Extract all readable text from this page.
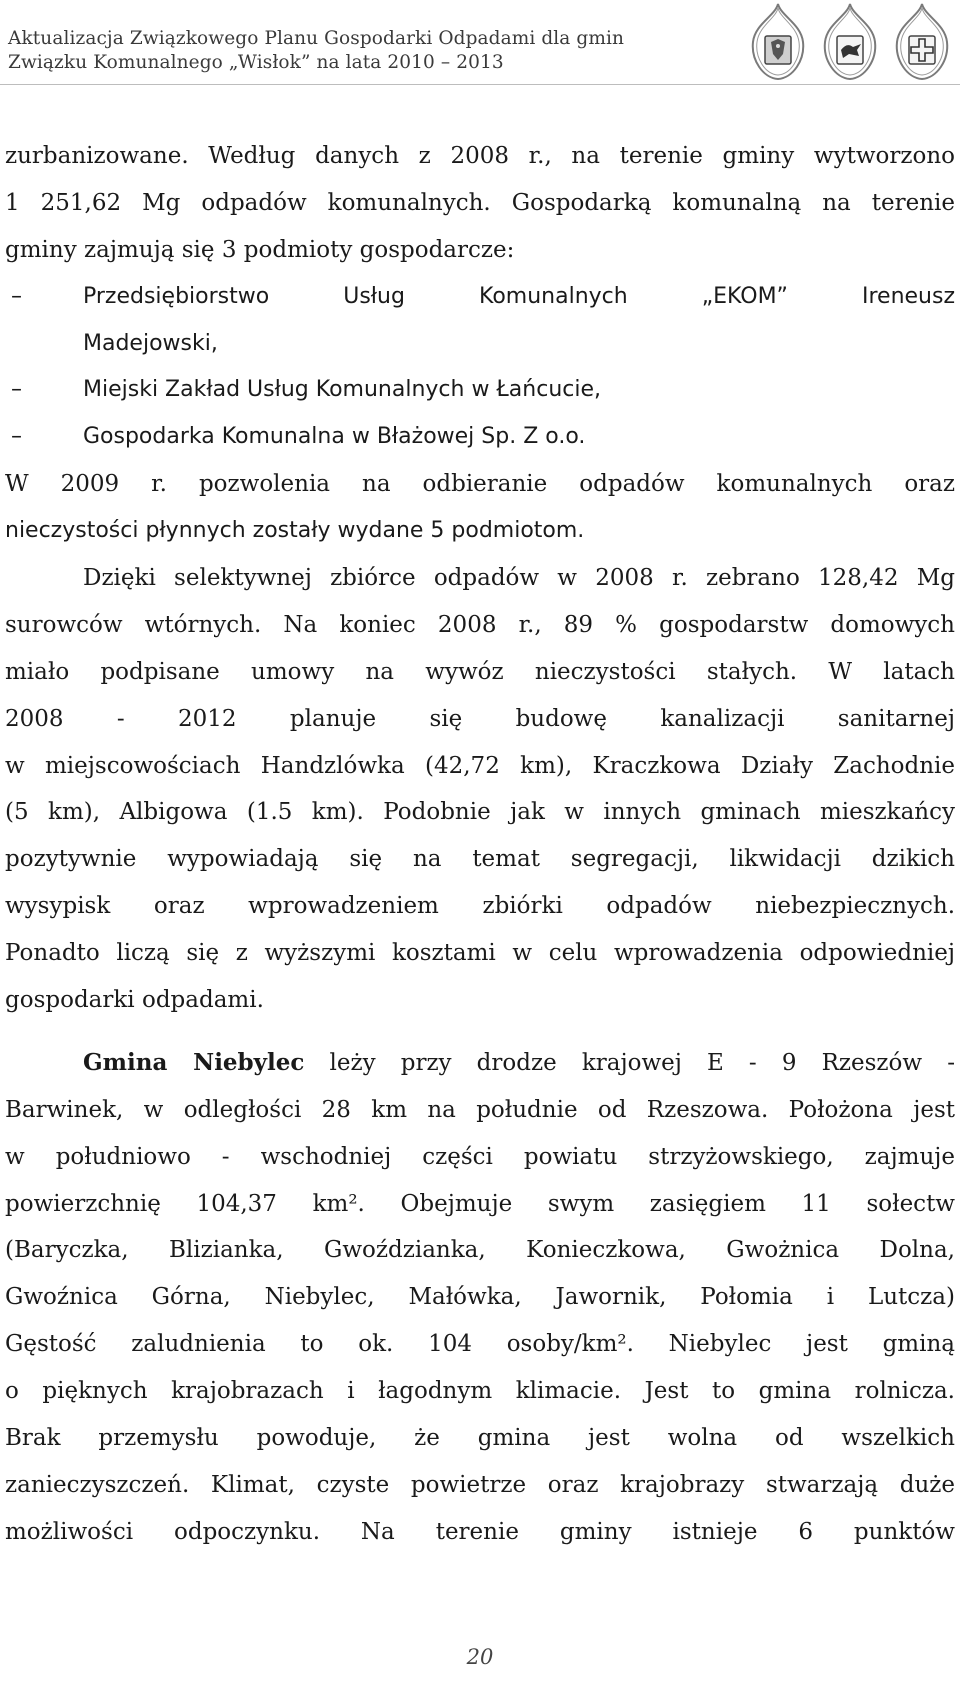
Aktualizacja Związkowego Planu Gospodarki Odpadami dla gmin
Związku Komunalnego „Wisłok” na lata 2010 – 2013
zurbanizowane. Według danych z 2008 r., na terenie gminy wytworzono
1 251,62 Mg odpadów komunalnych. Gospodarką komunalną na terenie
gminy zajmują się 3 podmioty gospodarcze:
–	Przedsiębiorstwo Usług Komunalnych „EKOM” Ireneusz
Madejowski,
–	Miejski Zakład Usług Komunalnych w Łańcucie,
–	Gospodarka Komunalna w Błażowej Sp. Z o.o.
W 2009 r. pozwolenia na odbieranie odpadów komunalnych oraz
nieczystości płynnych zostały wydane 5 podmiotom.
Dzięki selektywnej zbiórce odpadów w 2008 r. zebrano 128,42 Mg
surowców wtórnych. Na koniec 2008 r., 89 % gospodarstw domowych
miało podpisane umowy na wywóz nieczystości stałych. W latach
2008 - 2012 planuje się budowę kanalizacji sanitarnej
w miejscowościach Handzlówka (42,72 km), Kraczkowa Działy Zachodnie
(5 km), Albigowa (1.5 km). Podobnie jak w innych gminach mieszkańcy
pozytywnie wypowiadają się na temat segregacji, likwidacji dzikich
wysypisk oraz wprowadzeniem zbiórki odpadów niebezpiecznych.
Ponadto liczą się z wyższymi kosztami w celu wprowadzenia odpowiedniej
gospodarki odpadami.
Gmina Niebylec leży przy drodze krajowej E - 9 Rzeszów -
Barwinek, w odległości 28 km na południe od Rzeszowa. Położona jest
w południowo - wschodniej części powiatu strzyżowskiego, zajmuje
powierzchnię 104,37 km². Obejmuje swym zasięgiem 11 sołectw
(Baryczka, Blizianka, Gwoździanka, Konieczkowa, Gwożnica Dolna,
Gwoźnica Górna, Niebylec, Małówka, Jawornik, Połomia i Lutcza)
Gęstość zaludnienia to ok. 104 osoby/km². Niebylec jest gminą
o pięknych krajobrazach i łagodnym klimacie. Jest to gmina rolnicza.
Brak przemysłu powoduje, że gmina jest wolna od wszelkich
zanieczyszczeń. Klimat, czyste powietrze oraz krajobrazy stwarzają duże
możliwości odpoczynku. Na terenie gminy istnieje 6 punktów
20
